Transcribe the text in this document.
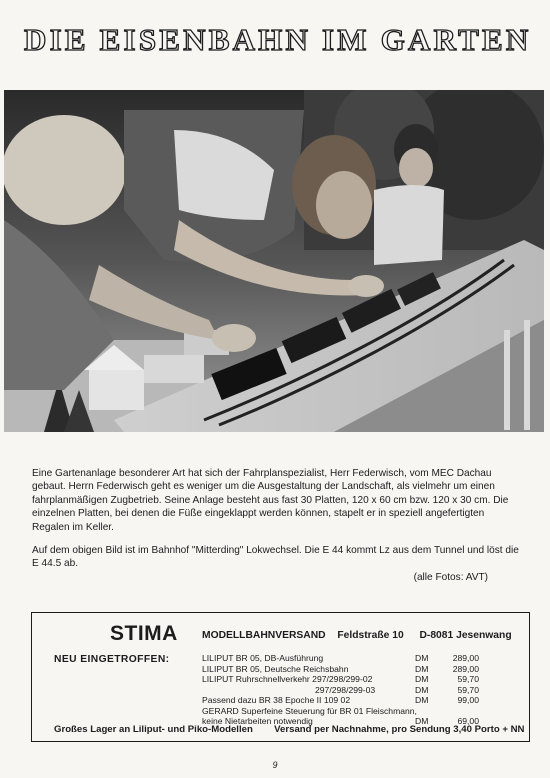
DIE EISENBAHN IM GARTEN

Eine Gartenanlage besonderer Art hat sich der Fahrplanspezialist, Herr Federwisch, vom MEC Dachau gebaut. Herrn Federwisch geht es weniger um die Ausgestaltung der Landschaft, als vielmehr um einen fahrplanmäßigen Zugbetrieb. Seine Anlage besteht aus fast 30 Platten, 120 x 60 cm bzw. 120 x 30 cm. Die einzelnen Platten, bei denen die Füße eingeklappt werden können, stapelt er in speziell angefertigten Regalen im Keller.

Auf dem obigen Bild ist im Bahnhof "Mitterding" Lokwechsel. Die E 44 kommt Lz aus dem Tunnel und löst die E 44.5 ab.

(alle Fotos: AVT)

STIMA MODELLBAHNVERSAND Feldstraße 10 D-8081 Jesenwang
NEU EINGETROFFEN:	LILIPUT BR 05, DB-Ausführung	DM	289,00
LILIPUT BR 05, Deutsche Reichsbahn	DM	289,00
LILIPUT Ruhrschnellverkehr 297/298/299-02	DM	59,70
297/298/299-03	DM	59,70
Passend dazu BR 38 Epoche II 109 02	DM	99,00
GERARD Superfeine Steuerung für BR 01 Fleischmann,
keine Nietarbeiten notwendig	DM	69,00
Großes Lager an Liliput- und Piko-Modellen Versand per Nachnahme, pro Sendung 3,40 Porto + NN
9
